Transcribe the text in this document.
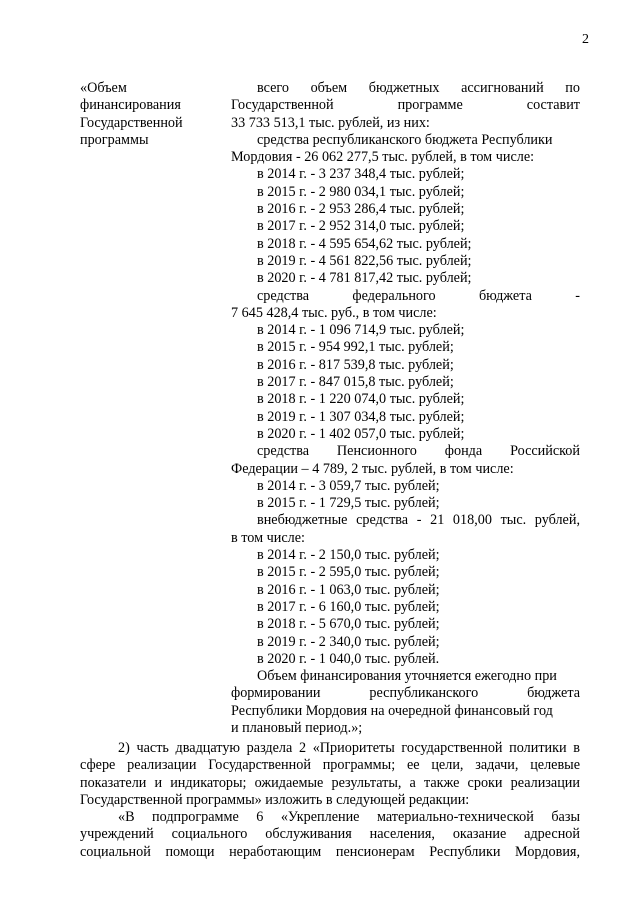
2
«Объем
финансирования
Государственной
программы
всего объем бюджетных ассигнований по
Государственной программе составит
33 733 513,1 тыс. рублей, из них:
средства республиканского бюджета Республики
Мордовия - 26 062 277,5 тыс. рублей, в том числе:
в 2014 г. - 3 237 348,4 тыс. рублей;
в 2015 г. - 2 980 034,1 тыс. рублей;
в 2016 г. - 2 953 286,4 тыс. рублей;
в 2017 г. - 2 952 314,0 тыс. рублей;
в 2018 г. - 4 595 654,62 тыс. рублей;
в 2019 г. - 4 561 822,56 тыс. рублей;
в 2020 г. - 4 781 817,42 тыс. рублей;
средства федерального бюджета -
7 645 428,4 тыс. руб., в том числе:
в 2014 г. - 1 096 714,9 тыс. рублей;
в 2015 г. - 954 992,1 тыс. рублей;
в 2016 г. - 817 539,8 тыс. рублей;
в 2017 г. - 847 015,8 тыс. рублей;
в 2018 г. - 1 220 074,0 тыс. рублей;
в 2019 г. - 1 307 034,8 тыс. рублей;
в 2020 г. - 1 402 057,0 тыс. рублей;
средства Пенсионного фонда Российской
Федерации – 4 789, 2 тыс. рублей, в том числе:
в 2014 г. - 3 059,7 тыс. рублей;
в 2015 г. - 1 729,5 тыс. рублей;
внебюджетные средства - 21 018,00 тыс. рублей,
в том числе:
в 2014 г. - 2 150,0 тыс. рублей;
в 2015 г. - 2 595,0 тыс. рублей;
в 2016 г. - 1 063,0 тыс. рублей;
в 2017 г. - 6 160,0 тыс. рублей;
в 2018 г. - 5 670,0 тыс. рублей;
в 2019 г. - 2 340,0 тыс. рублей;
в 2020 г. - 1 040,0 тыс. рублей.
Объем финансирования уточняется ежегодно при
формировании республиканского бюджета
Республики Мордовия на очередной финансовый год
и плановый период.»;
2) часть двадцатую раздела 2 «Приоритеты государственной политики в
сфере реализации Государственной программы; ее цели, задачи, целевые
показатели и индикаторы; ожидаемые результаты, а также сроки реализации
Государственной программы» изложить в следующей редакции:
«В подпрограмме 6 «Укрепление материально-технической базы
учреждений социального обслуживания населения, оказание адресной
социальной помощи неработающим пенсионерам Республики Мордовия,
